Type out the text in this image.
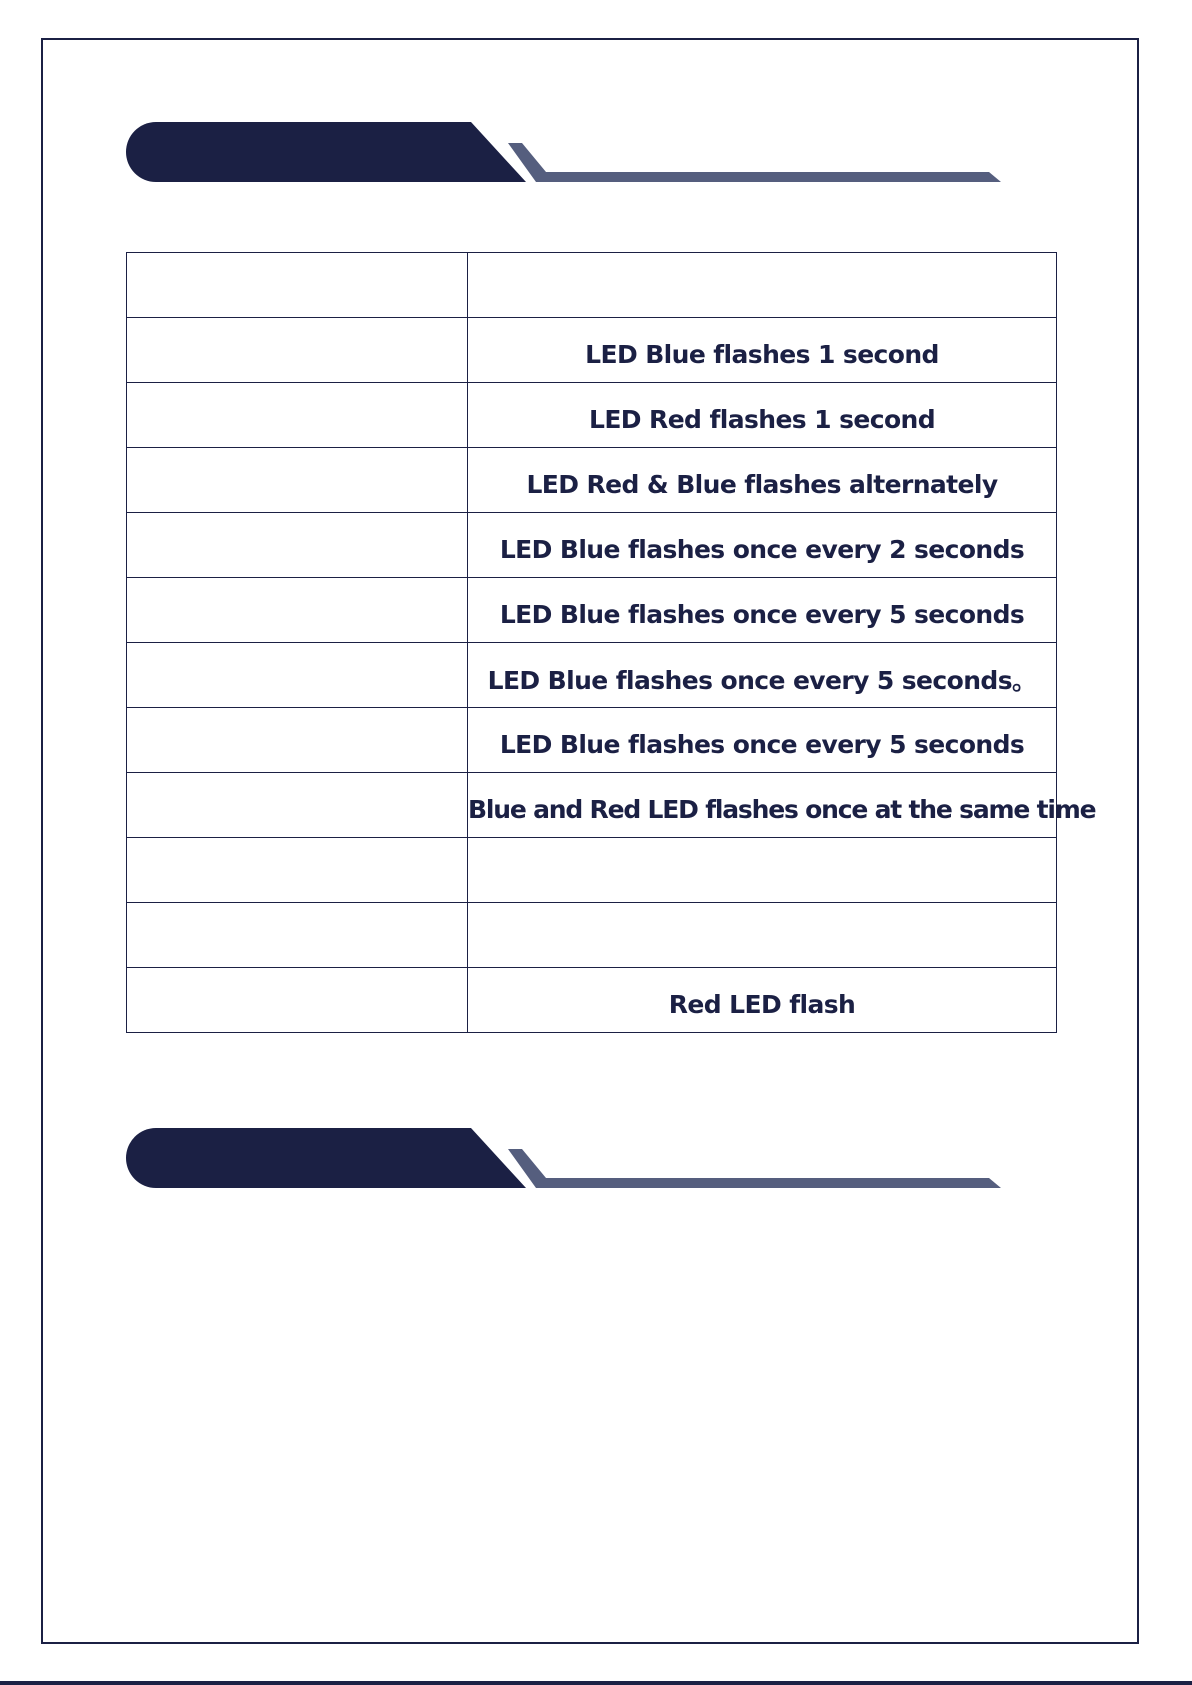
	LED Blue flashes 1 second
	LED Red flashes 1 second
	LED Red & Blue flashes alternately
	LED Blue flashes once every 2 seconds
	LED Blue flashes once every 5 seconds
	LED Blue flashes once every 5 seconds。
	LED Blue flashes once every 5 seconds
	Blue and Red LED flashes once at the same time

	Red LED flash
